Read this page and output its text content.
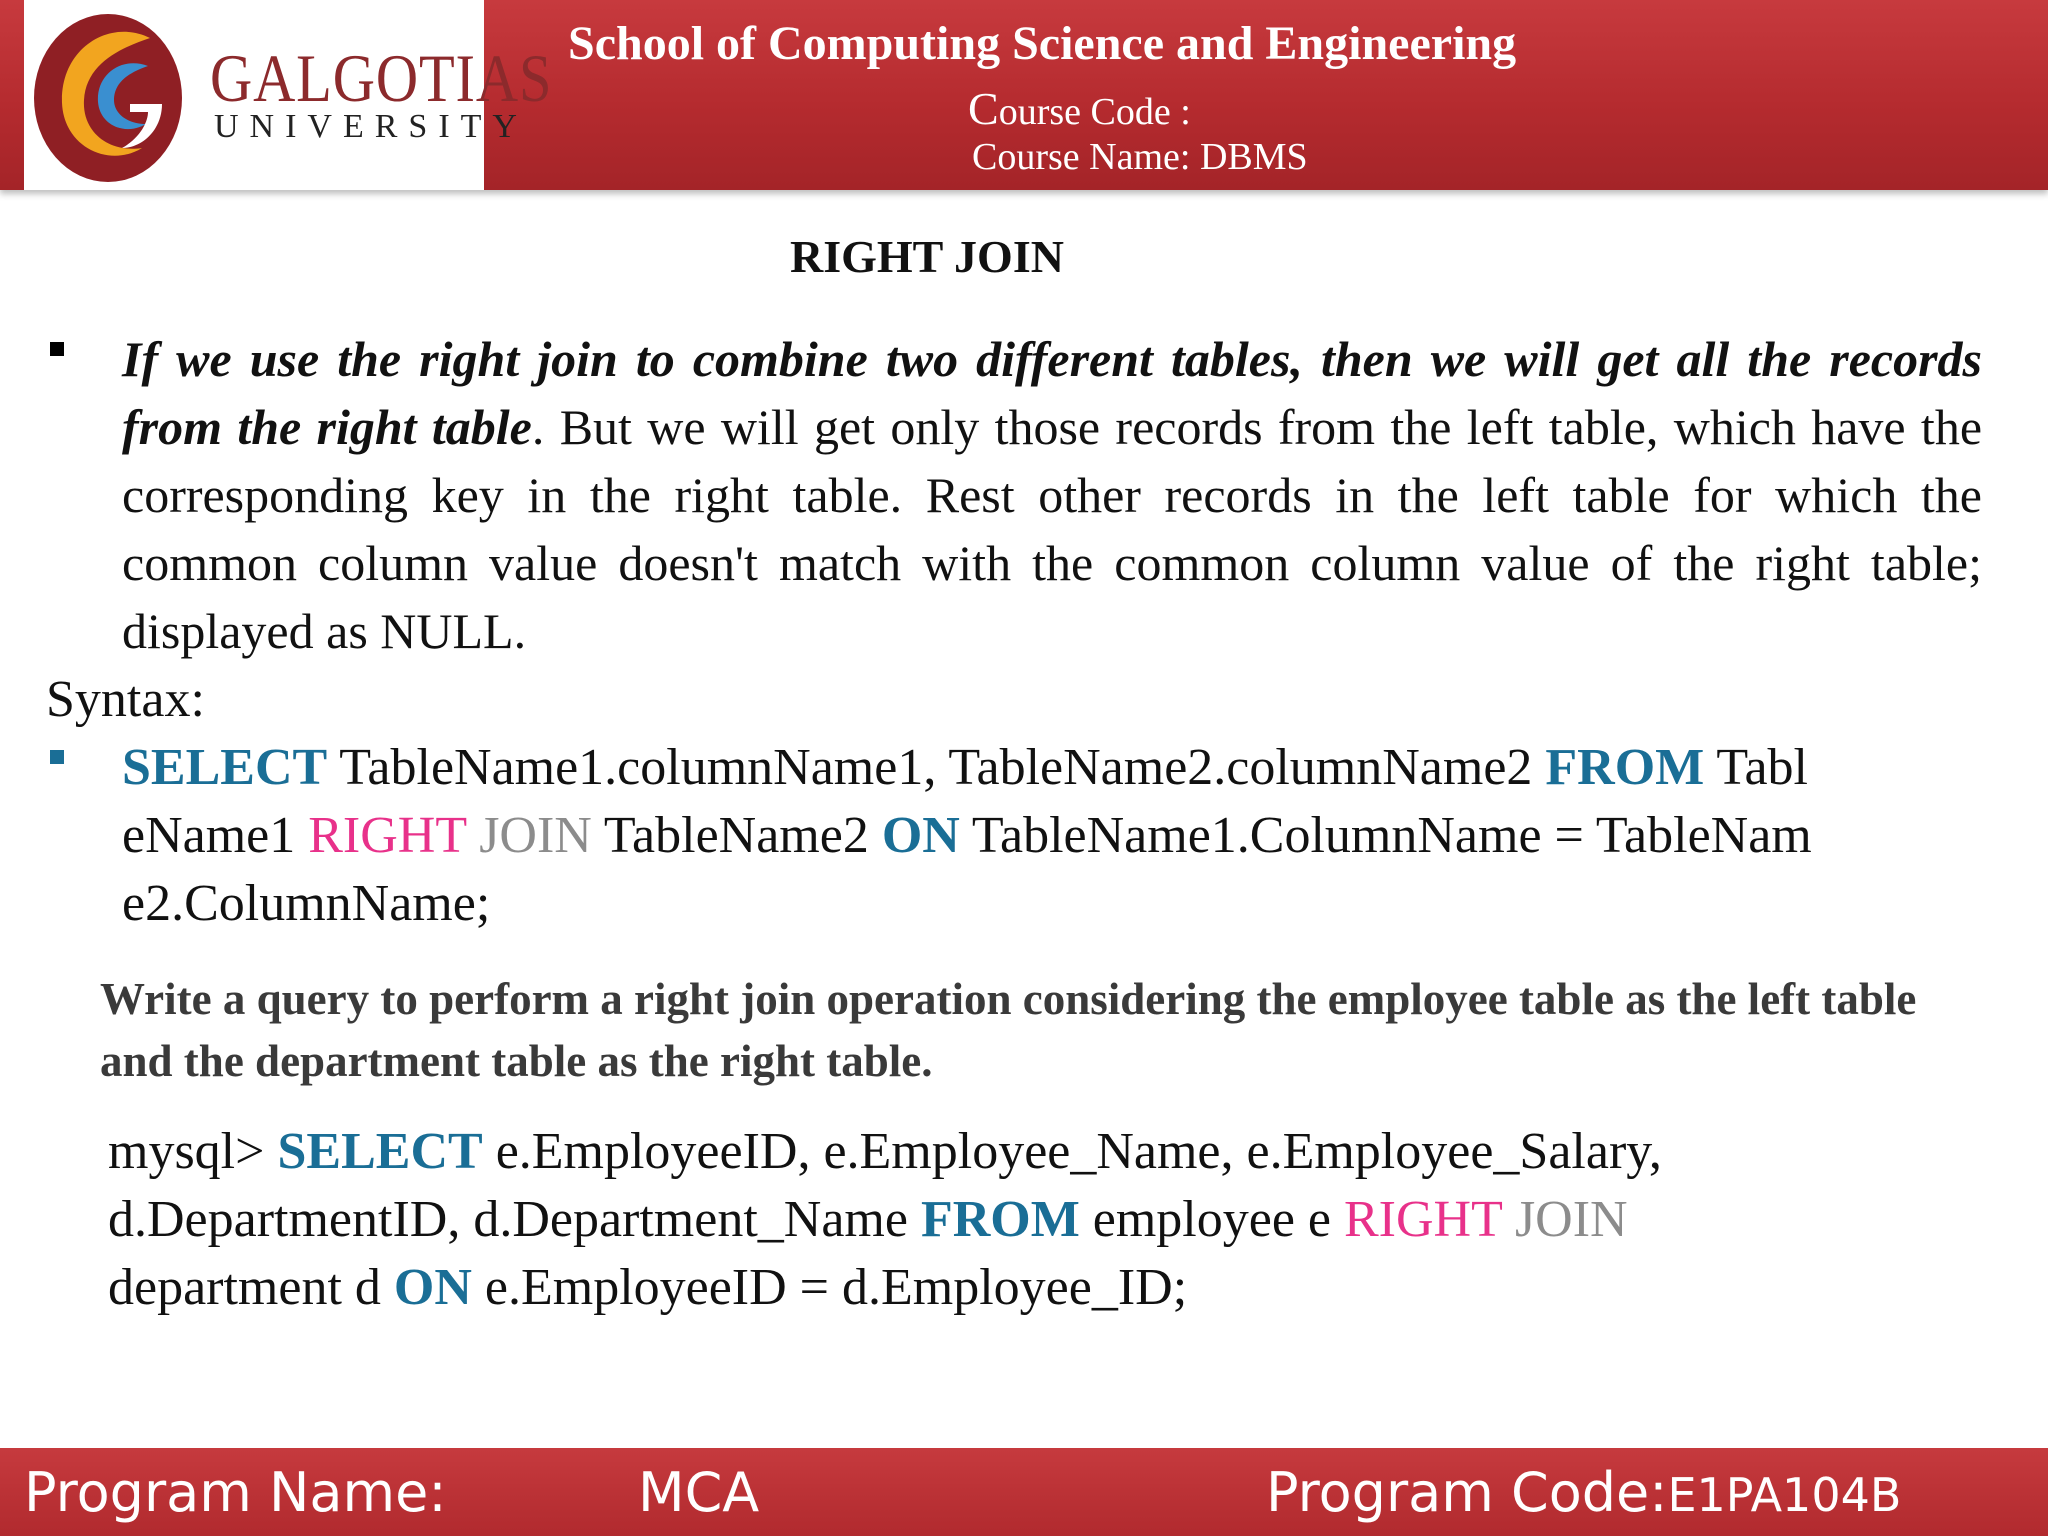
GALGOTIAS
UNIVERSITY
School of Computing Science and Engineering
Course Code :
Course Name: DBMS
RIGHT JOIN
If we use the right join to combine two different tables, then we will get all the records from the right table. But we will get only those records from the left table, which have the corresponding key in the right table. Rest other records in the left table for which the common column value doesn't match with the common column value of the right table; displayed as NULL.
Syntax:
SELECT TableName1.columnName1, TableName2.columnName2 FROM Tabl
eName1 RIGHT JOIN TableName2 ON TableName1.ColumnName = TableNam
e2.ColumnName;
Write a query to perform a right join operation considering the employee table as the left table and the department table as the right table.
mysql> SELECT e.EmployeeID, e.Employee_Name, e.Employee_Salary,
d.DepartmentID, d.Department_Name FROM employee e RIGHT JOIN
department d ON e.EmployeeID = d.Employee_ID;
Program Name:	MCA	Program Code:E1PA104B
